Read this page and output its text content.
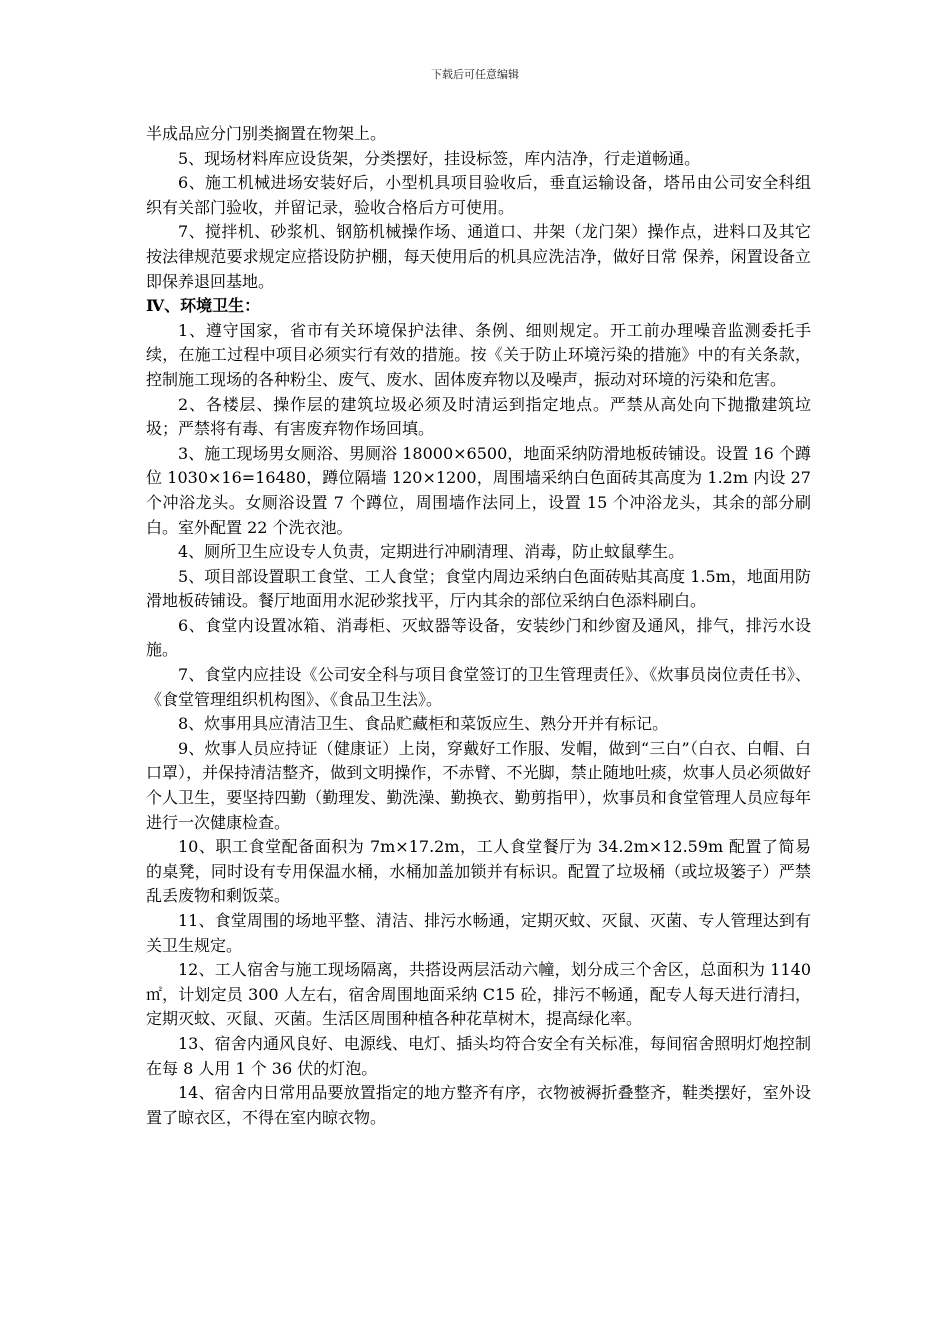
下载后可任意编辑

半成品应分门别类搁置在物架上。

5、现场材料库应设货架，分类摆好，挂设标签，库内洁净，行走道畅通。

6、施工机械进场安装好后，小型机具项目验收后，垂直运输设备，塔吊由公司安全科组织有关部门验收，并留记录，验收合格后方可使用。

7、搅拌机、砂浆机、钢筋机械操作场、通道口、井架（龙门架）操作点，进料口及其它按法律规范要求规定应搭设防护棚，每天使用后的机具应洗洁净，做好日常 保养，闲置设备立即保养退回基地。

Ⅳ、环境卫生：

1、遵守国家，省市有关环境保护法律、条例、细则规定。开工前办理噪音监测委托手续，在施工过程中项目必须实行有效的措施。按《关于防止环境污染的措施》中的有关条款，控制施工现场的各种粉尘、废气、废水、固体废弃物以及噪声，振动对环境的污染和危害。

2、各楼层、操作层的建筑垃圾必须及时清运到指定地点。严禁从高处向下抛撒建筑垃圾；严禁将有毒、有害废弃物作场回填。

3、施工现场男女厕浴、男厕浴 18000×6500，地面采纳防滑地板砖铺设。设置 16 个蹲位 1030×16=16480，蹲位隔墙 120×1200，周围墙采纳白色面砖其高度为 1.2m 内设 27 个冲浴龙头。女厕浴设置 7 个蹲位，周围墙作法同上，设置 15 个冲浴龙头，其余的部分刷白。室外配置 22 个洗衣池。

4、厕所卫生应设专人负责，定期进行冲刷清理、消毒，防止蚊鼠孳生。

5、项目部设置职工食堂、工人食堂；食堂内周边采纳白色面砖贴其高度 1.5m，地面用防滑地板砖铺设。餐厅地面用水泥砂浆找平，厅内其余的部位采纳白色添料刷白。

6、食堂内设置冰箱、消毒柜、灭蚊器等设备，安装纱门和纱窗及通风，排气，排污水设施。

7、食堂内应挂设《公司安全科与项目食堂签订的卫生管理责任》、《炊事员岗位责任书》、《食堂管理组织机构图》、《食品卫生法》。

8、炊事用具应清洁卫生、食品贮藏柜和菜饭应生、熟分开并有标记。

9、炊事人员应持证（健康证）上岗，穿戴好工作服、发帽，做到“三白”（白衣、白帽、白口罩），并保持清洁整齐，做到文明操作，不赤臂、不光脚，禁止随地吐痰，炊事人员必须做好个人卫生，要坚持四勤（勤理发、勤洗澡、勤换衣、勤剪指甲），炊事员和食堂管理人员应每年进行一次健康检查。

10、职工食堂配备面积为 7m×17.2m，工人食堂餐厅为 34.2m×12.59m 配置了简易的桌凳，同时设有专用保温水桶，水桶加盖加锁并有标识。配置了垃圾桶（或垃圾篓子）严禁乱丢废物和剩饭菜。

11、食堂周围的场地平整、清洁、排污水畅通，定期灭蚊、灭鼠、灭菌、专人管理达到有关卫生规定。

12、工人宿舍与施工现场隔离，共搭设两层活动六幢，划分成三个舍区，总面积为 1140㎡，计划定员 300 人左右，宿舍周围地面采纳 C15 砼，排污不畅通，配专人每天进行清扫，定期灭蚊、灭鼠、灭菌。生活区周围种植各种花草树木，提高绿化率。

13、宿舍内通风良好、电源线、电灯、插头均符合安全有关标准，每间宿舍照明灯炮控制在每 8 人用 1 个 36 伏的灯泡。

14、宿舍内日常用品要放置指定的地方整齐有序，衣物被褥折叠整齐，鞋类摆好，室外设置了晾衣区，不得在室内晾衣物。
